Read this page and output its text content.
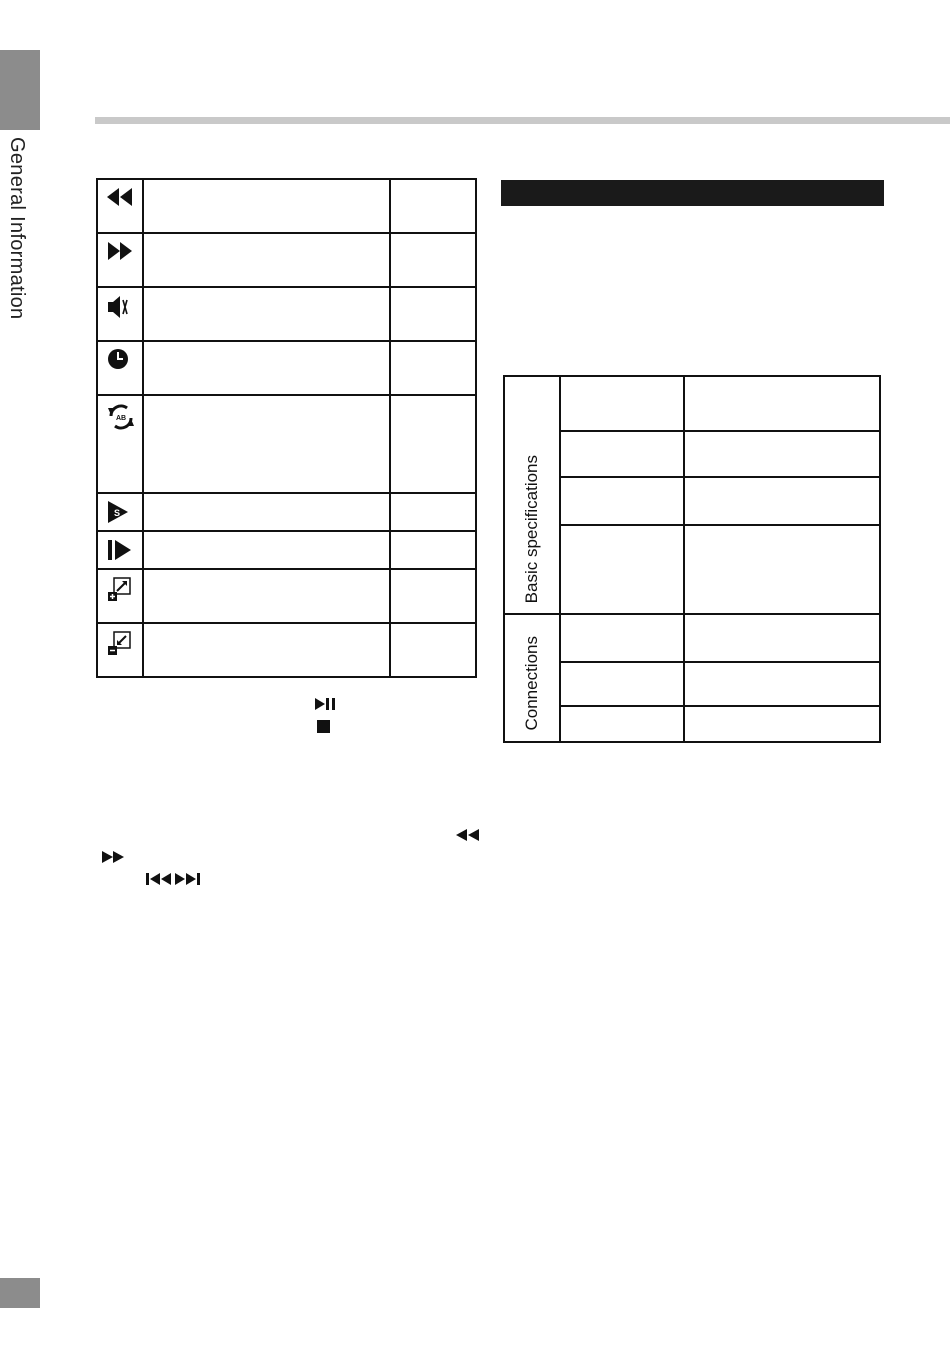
General Information

AB		

S		

			Basic specifications		

Connections		
